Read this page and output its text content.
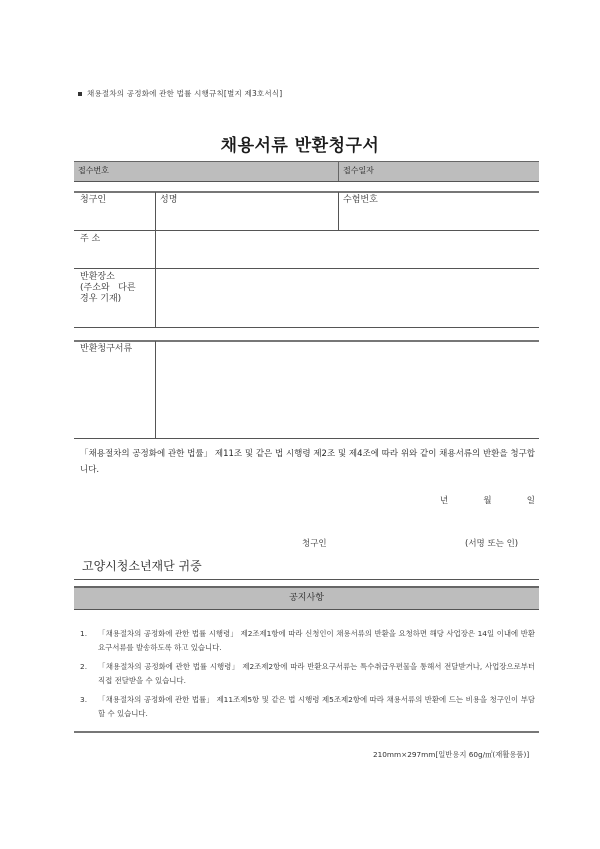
채용절차의 공정화에 관한 법률 시행규칙[별지 제3호서식]
채용서류 반환청구서
접수번호	접수일자
청구인	성명	수험번호
주 소
반환장소
(주소와   다른
경우 기재)
반환청구서류
「채용절차의 공정화에 관한 법률」 제11조 및 같은 법 시행령 제2조 및 제4조에 따라 위와 같이 채용서류의 반환을 청구합니다.
년	월	일
청구인	(서명 또는 인)
고양시청소년재단 귀중
공지사항
1.	「채용절차의 공정화에 관한 법률 시행령」 제2조제1항에 따라 신청인이 채용서류의 반환을 요청하면 해당 사업장은 14일 이내에 반환요구서류를 발송하도록 하고 있습니다.
2.	「채용절차의 공정화에 관한 법률 시행령」 제2조제2항에 따라 반환요구서류는 특수취급우편물을 통해서 전달받거나, 사업장으로부터 직접 전달받을 수 있습니다.
3.	「채용절차의 공정화에 관한 법률」 제11조제5항 및 같은 법 시행령 제5조제2항에 따라 채용서류의 반환에 드는 비용을 청구인이 부담할 수 있습니다.
210mm×297mm[일반용지 60g/㎡(재활용품)]
